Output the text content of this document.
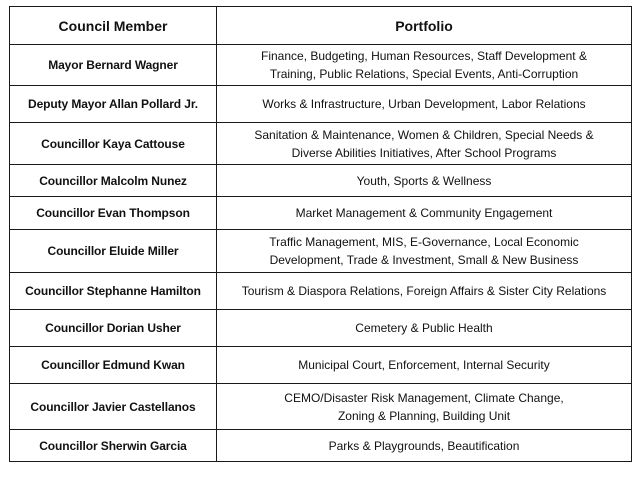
Council Member	Portfolio
Mayor Bernard Wagner	Finance, Budgeting, Human Resources, Staff Development &
Training, Public Relations, Special Events, Anti-Corruption
Deputy Mayor Allan Pollard Jr.	Works & Infrastructure, Urban Development, Labor Relations
Councillor Kaya Cattouse	Sanitation & Maintenance, Women & Children, Special Needs &
Diverse Abilities Initiatives, After School Programs
Councillor Malcolm Nunez	Youth, Sports & Wellness
Councillor Evan Thompson	Market Management & Community Engagement
Councillor Eluide Miller	Traffic Management, MIS, E-Governance, Local Economic
Development, Trade & Investment, Small & New Business
Councillor Stephanne Hamilton	Tourism & Diaspora Relations, Foreign Affairs & Sister City Relations
Councillor Dorian Usher	Cemetery & Public Health
Councillor Edmund Kwan	Municipal Court, Enforcement, Internal Security
Councillor Javier Castellanos	CEMO/Disaster Risk Management, Climate Change,
Zoning & Planning, Building Unit
Councillor Sherwin Garcia	Parks & Playgrounds, Beautification
